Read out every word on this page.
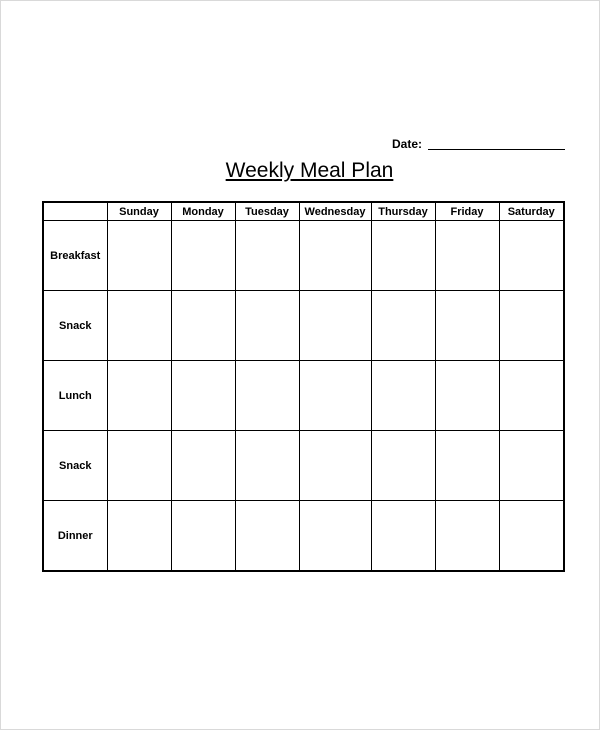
Date:
Weekly Meal Plan
	Sunday	Monday	Tuesday	Wednesday	Thursday	Friday	Saturday
Breakfast							
Snack							
Lunch							
Snack							
Dinner							
